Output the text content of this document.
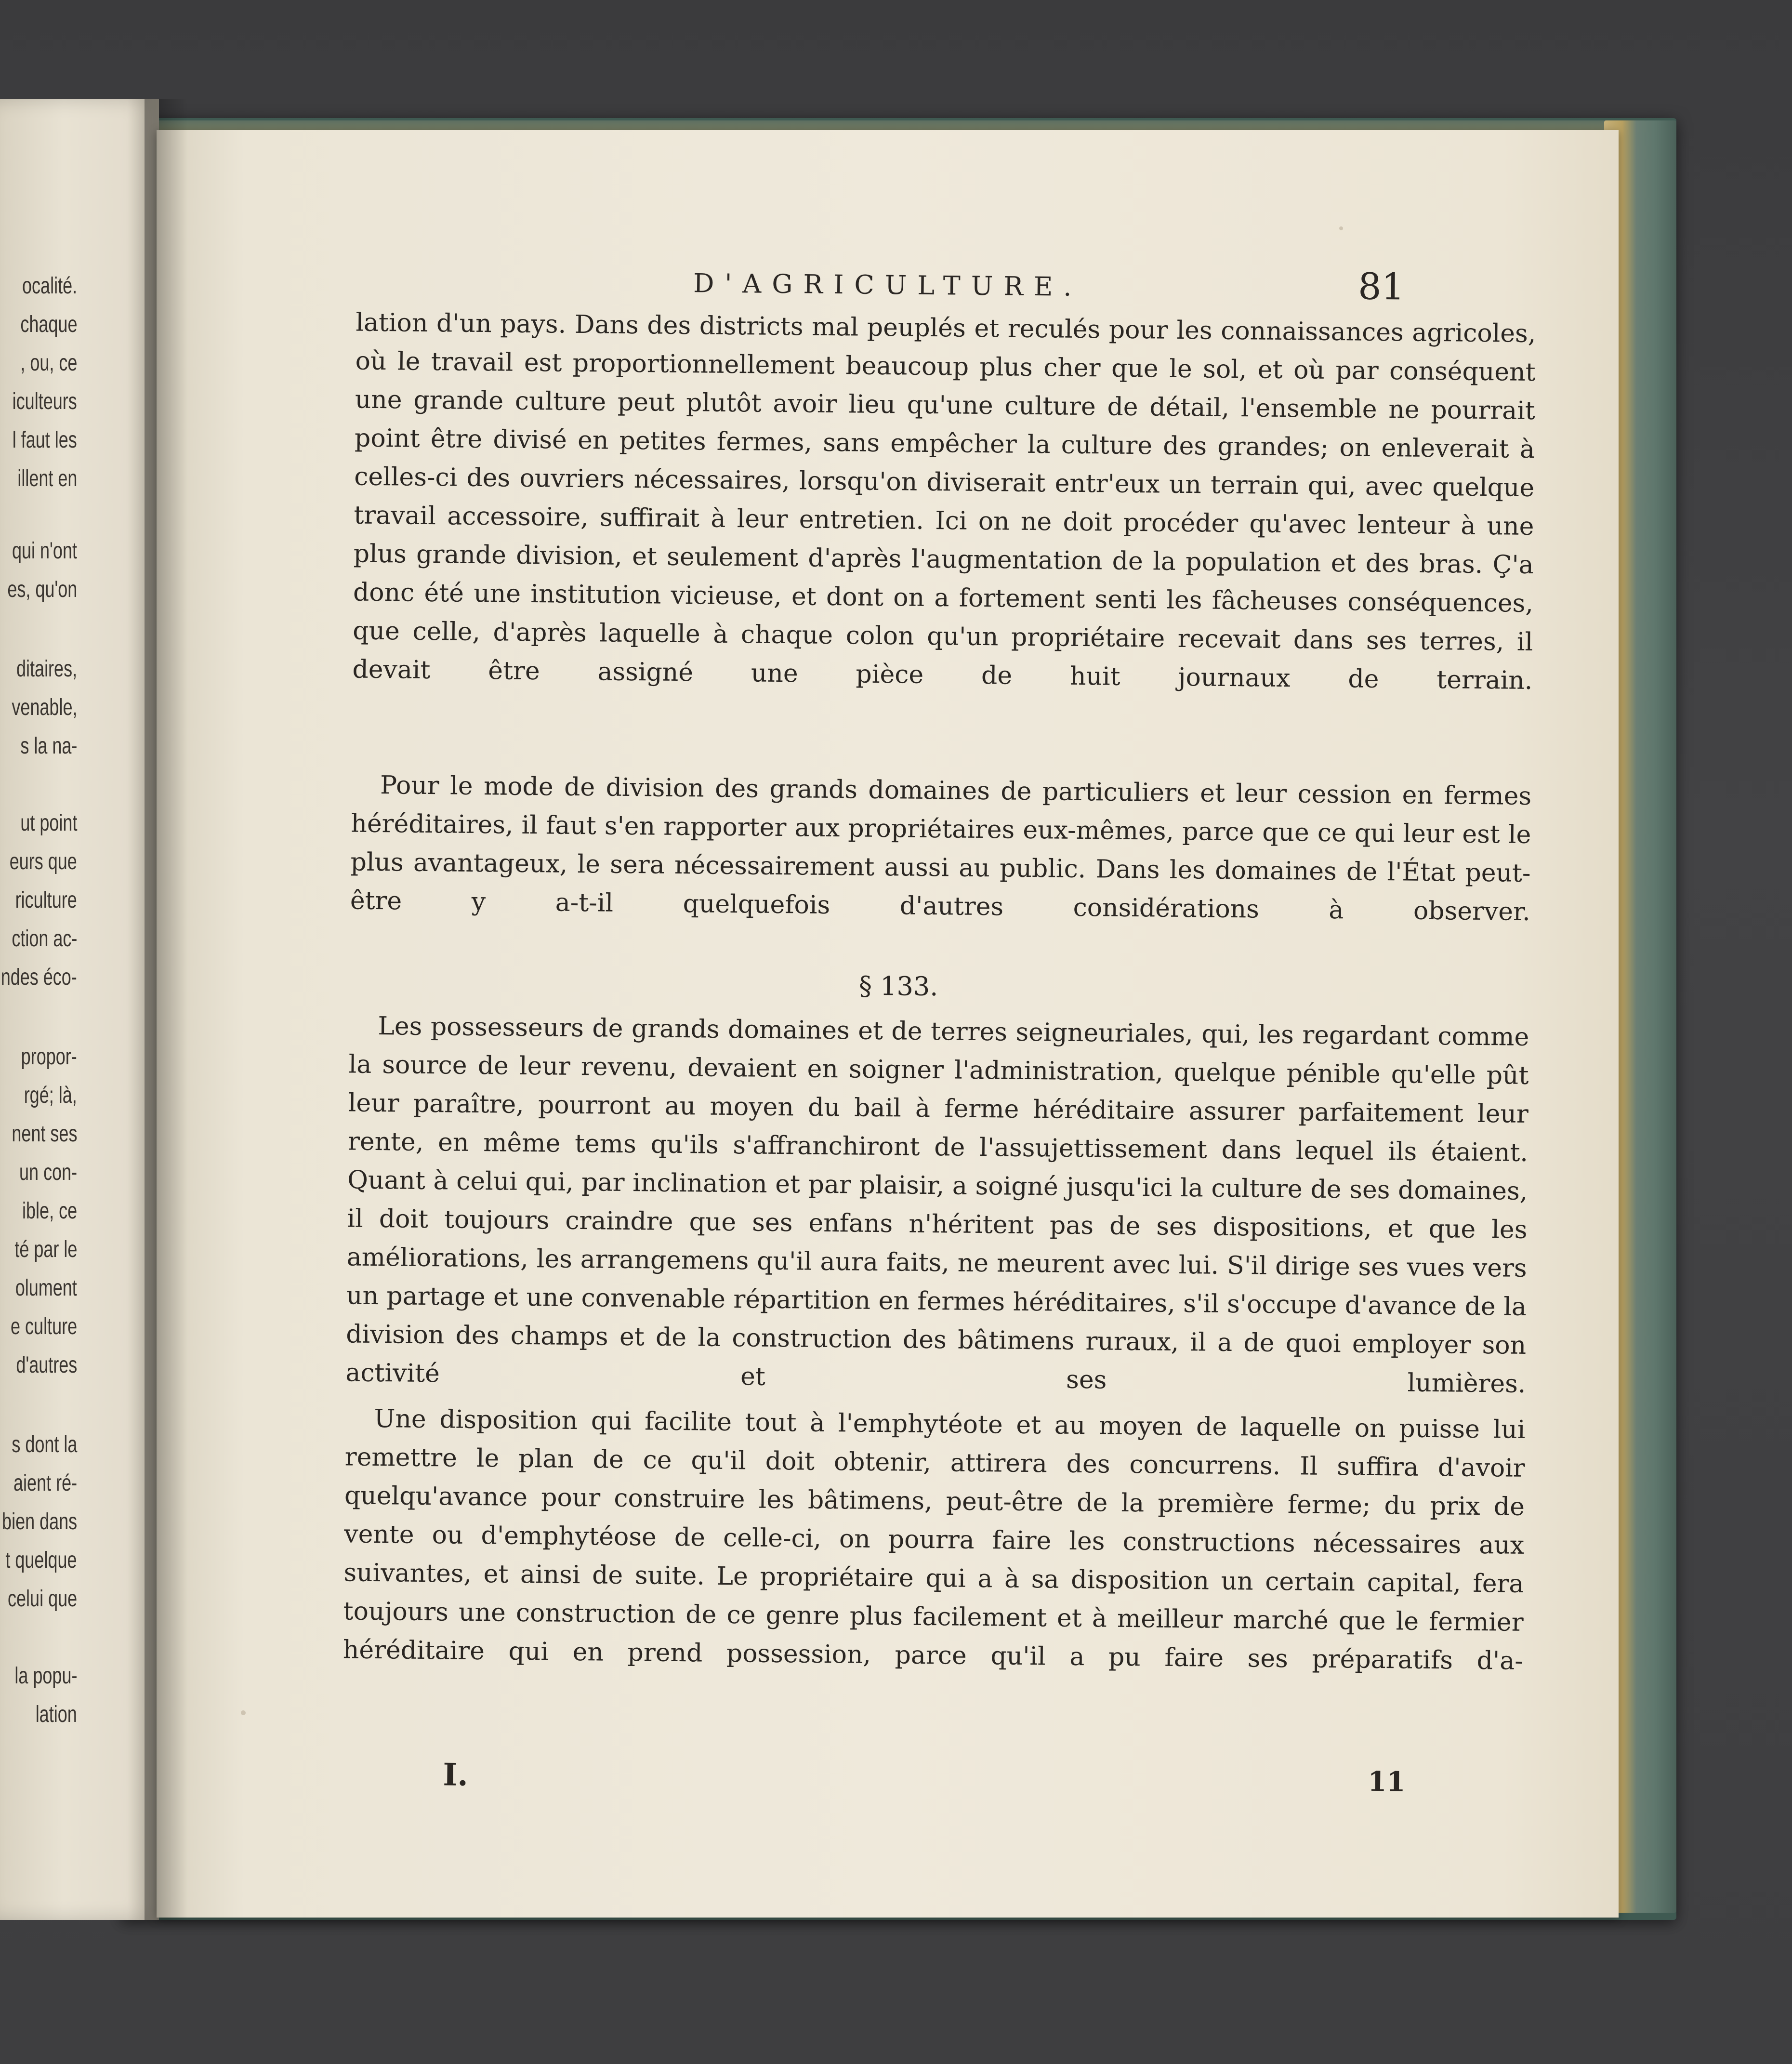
ocalité.
chaque
, ou, ce
iculteurs
l faut les
illent en
qui n'ont
es, qu'on
ditaires,
venable,
s la na-
ut point
eurs que
riculture
ction ac-
ndes éco-
propor-
rgé; là,
nent ses
un con-
ible, ce
té par le
olument
e culture
d'autres
s dont la
aient ré-
bien dans
t quelque
celui que
la popu-
lation
D'AGRICULTURE.	81

lation d'un pays. Dans des districts mal peuplés et reculés pour les connaissances agricoles, où le travail est proportionnellement beaucoup plus cher que le sol, et où par conséquent une grande culture peut plutôt avoir lieu qu'une culture de détail, l'ensemble ne pourrait point être divisé en petites fermes, sans empêcher la culture des grandes; on enleverait à celles-ci des ouvriers nécessaires, lorsqu'on diviserait entr'eux un terrain qui, avec quelque travail accessoire, suffirait à leur entretien. Ici on ne doit procéder qu'avec lenteur à une plus grande division, et seulement d'après l'augmentation de la population et des bras. Ç'a donc été une institution vicieuse, et dont on a fortement senti les fâcheuses conséquences, que celle, d'après laquelle à chaque colon qu'un propriétaire recevait dans ses terres, il devait être assigné une pièce de huit journaux de terrain.

Pour le mode de division des grands domaines de particuliers et leur cession en fermes héréditaires, il faut s'en rapporter aux propriétaires eux-mêmes, parce que ce qui leur est le plus avantageux, le sera nécessairement aussi au public. Dans les domaines de l'État peut-être y a-t-il quelquefois d'autres considérations à observer.

§ 133.

Les possesseurs de grands domaines et de terres seigneuriales, qui, les regardant comme la source de leur revenu, devaient en soigner l'administration, quelque pénible qu'elle pût leur paraître, pourront au moyen du bail à ferme héréditaire assurer parfaitement leur rente, en même tems qu'ils s'affranchiront de l'assujettissement dans lequel ils étaient. Quant à celui qui, par inclination et par plaisir, a soigné jusqu'ici la culture de ses domaines, il doit toujours craindre que ses enfans n'héritent pas de ses dispositions, et que les améliorations, les arrangemens qu'il aura faits, ne meurent avec lui. S'il dirige ses vues vers un partage et une convenable répartition en fermes héréditaires, s'il s'occupe d'avance de la division des champs et de la construction des bâtimens ruraux, il a de quoi employer son activité et ses lumières.

Une disposition qui facilite tout à l'emphytéote et au moyen de laquelle on puisse lui remettre le plan de ce qu'il doit obtenir, attirera des concurrens. Il suffira d'avoir quelqu'avance pour construire les bâtimens, peut-être de la première ferme; du prix de vente ou d'emphytéose de celle-ci, on pourra faire les constructions nécessaires aux suivantes, et ainsi de suite. Le propriétaire qui a à sa disposition un certain capital, fera toujours une construction de ce genre plus facilement et à meilleur marché que le fermier héréditaire qui en prend possession, parce qu'il a pu faire ses préparatifs d'a-

I.	11
